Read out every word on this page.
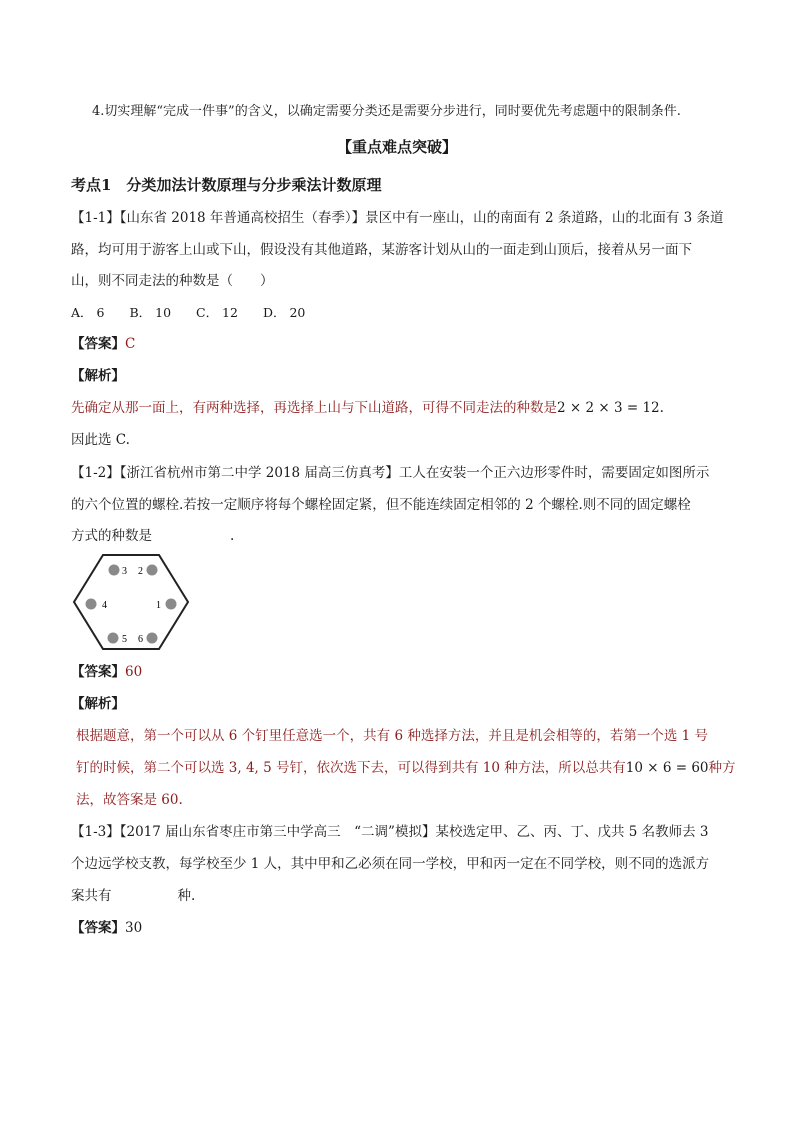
4.切实理解“完成一件事”的含义，以确定需要分类还是需要分步进行，同时要优先考虑题中的限制条件.
【重点难点突破】
考点1　分类加法计数原理与分步乘法计数原理
【1-1】【山东省 2018 年普通高校招生（春季）】景区中有一座山，山的南面有 2 条道路，山的北面有 3 条道
路，均可用于游客上山或下山，假设没有其他道路，某游客计划从山的一面走到山顶后，接着从另一面下
山，则不同走法的种数是（　　）
A． 6　　B． 10　　C． 12　　D． 20
【答案】C
【解析】
先确定从那一面上，有两种选择，再选择上山与下山道路，可得不同走法的种数是2 × 2 × 3 = 12.
因此选 C.
【1-2】【浙江省杭州市第二中学 2018 届高三仿真考】工人在安装一个正六边形零件时，需要固定如图所示
的六个位置的螺栓.若按一定顺序将每个螺栓固定紧，但不能连续固定相邻的 2 个螺栓.则不同的固定螺栓
方式的种数是	.
3 2
4	1
5 6
【答案】60
【解析】
根据题意，第一个可以从 6 个钉里任意选一个，共有 6 种选择方法，并且是机会相等的，若第一个选 1 号
钉的时候，第二个可以选 3, 4, 5 号钉，依次选下去，可以得到共有 10 种方法，所以总共有10 × 6 = 60种方
法，故答案是 60.
【1-3】【2017 届山东省枣庄市第三中学高三　“二调”模拟】某校选定甲、乙、丙、丁、戊共 5 名教师去 3
个边远学校支教，每学校至少 1 人，其中甲和乙必须在同一学校，甲和丙一定在不同学校，则不同的选派方
案共有	种.
【答案】30
